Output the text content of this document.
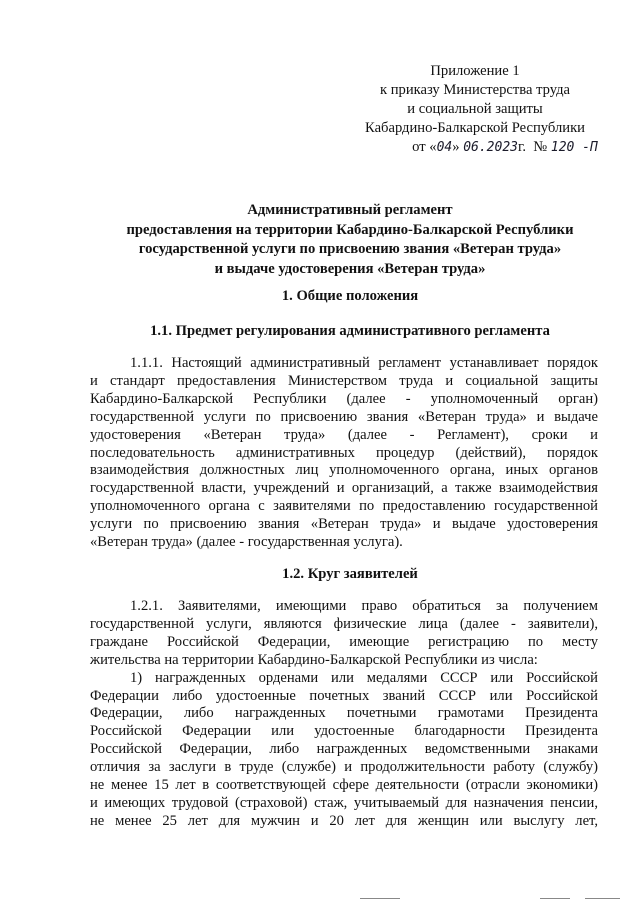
Приложение 1
к приказу Министерства труда
и социальной защиты
Кабардино-Балкарской Республики
от «04» 06.2023г. № 120 -П
Административный регламент
предоставления на территории Кабардино-Балкарской Республики
государственной услуги по присвоению звания «Ветеран труда»
и выдаче удостоверения «Ветеран труда»
1. Общие положения
1.1. Предмет регулирования административного регламента
1.1.1. Настоящий административный регламент устанавливает порядок
и стандарт предоставления Министерством труда и социальной защиты
Кабардино-Балкарской Республики (далее - уполномоченный орган)
государственной услуги по присвоению звания «Ветеран труда» и выдаче
удостоверения «Ветеран труда» (далее - Регламент), сроки и
последовательность административных процедур (действий), порядок
взаимодействия должностных лиц уполномоченного органа, иных органов
государственной власти, учреждений и организаций, а также взаимодействия
уполномоченного органа с заявителями по предоставлению государственной
услуги по присвоению звания «Ветеран труда» и выдаче удостоверения
«Ветеран труда» (далее - государственная услуга).
1.2. Круг заявителей
1.2.1. Заявителями, имеющими право обратиться за получением
государственной услуги, являются физические лица (далее - заявители),
граждане Российской Федерации, имеющие регистрацию по месту
жительства на территории Кабардино-Балкарской Республики из числа:
1) награжденных орденами или медалями СССР или Российской
Федерации либо удостоенные почетных званий СССР или Российской
Федерации, либо награжденных почетными грамотами Президента
Российской Федерации или удостоенные благодарности Президента
Российской Федерации, либо награжденных ведомственными знаками
отличия за заслуги в труде (службе) и продолжительности работу (службу)
не менее 15 лет в соответствующей сфере деятельности (отрасли экономики)
и имеющих трудовой (страховой) стаж, учитываемый для назначения пенсии,
не менее 25 лет для мужчин и 20 лет для женщин или выслугу лет,
